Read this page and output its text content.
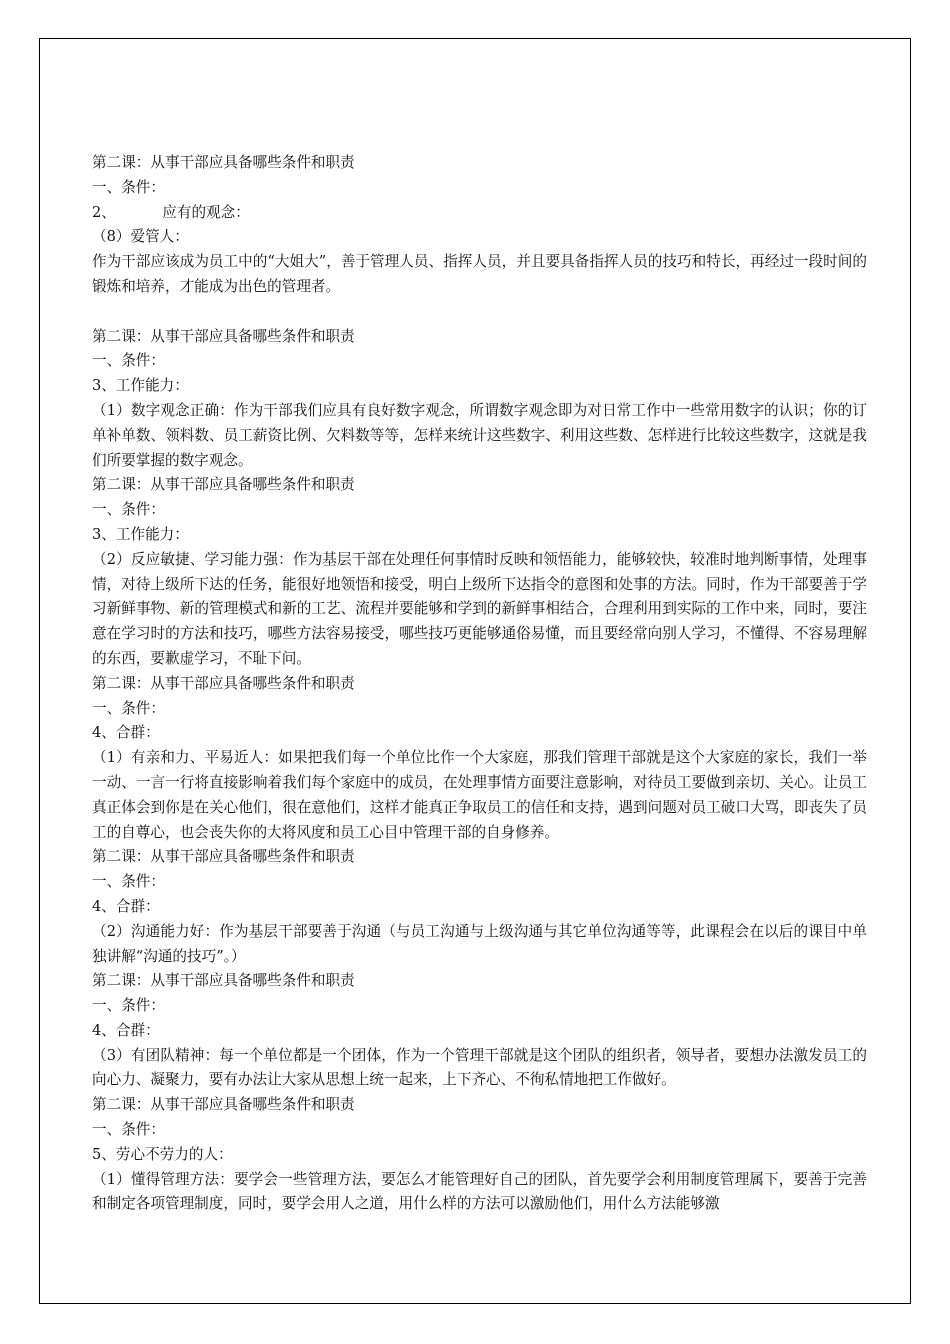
第二课：从事干部应具备哪些条件和职责

一、条件：

2、          应有的观念：

（8）爱管人：

作为干部应该成为员工中的“大姐大”，善于管理人员、指挥人员，并且要具备指挥人员的技巧和特长，再经过一段时间的锻炼和培养，才能成为出色的管理者。

第二课：从事干部应具备哪些条件和职责

一、条件：

3、工作能力：

（1）数字观念正确：作为干部我们应具有良好数字观念，所谓数字观念即为对日常工作中一些常用数字的认识；你的订单补单数、领料数、员工薪资比例、欠料数等等，怎样来统计这些数字、利用这些数、怎样进行比较这些数字，这就是我们所要掌握的数字观念。

第二课：从事干部应具备哪些条件和职责

一、条件：

3、工作能力：

（2）反应敏捷、学习能力强：作为基层干部在处理任何事情时反映和领悟能力，能够较快，较准时地判断事情，处理事情，对待上级所下达的任务，能很好地领悟和接受，明白上级所下达指令的意图和处事的方法。同时，作为干部要善于学习新鲜事物、新的管理模式和新的工艺、流程并要能够和学到的新鲜事相结合，合理利用到实际的工作中来，同时，要注意在学习时的方法和技巧，哪些方法容易接受，哪些技巧更能够通俗易懂，而且要经常向别人学习，不懂得、不容易理解的东西，要歉虚学习，不耻下问。

第二课：从事干部应具备哪些条件和职责

一、条件：

4、合群：

（1）有亲和力、平易近人：如果把我们每一个单位比作一个大家庭，那我们管理干部就是这个大家庭的家长，我们一举一动、一言一行将直接影响着我们每个家庭中的成员，在处理事情方面要注意影响，对待员工要做到亲切、关心。让员工真正体会到你是在关心他们，很在意他们，这样才能真正争取员工的信任和支持，遇到问题对员工破口大骂，即丧失了员工的自尊心，也会丧失你的大将风度和员工心目中管理干部的自身修养。

第二课：从事干部应具备哪些条件和职责

一、条件：

4、合群：

（2）沟通能力好：作为基层干部要善于沟通（与员工沟通与上级沟通与其它单位沟通等等，此课程会在以后的课目中单独讲解“沟通的技巧”。）

第二课：从事干部应具备哪些条件和职责

一、条件：

4、合群：

（3）有团队精神：每一个单位都是一个团体，作为一个管理干部就是这个团队的组织者，领导者，要想办法激发员工的向心力、凝聚力，要有办法让大家从思想上统一起来，上下齐心、不徇私情地把工作做好。

第二课：从事干部应具备哪些条件和职责

一、条件：

5、劳心不劳力的人：

（1）懂得管理方法：要学会一些管理方法，要怎么才能管理好自己的团队，首先要学会利用制度管理属下，要善于完善和制定各项管理制度，同时，要学会用人之道，用什么样的方法可以激励他们，用什么方法能够激
